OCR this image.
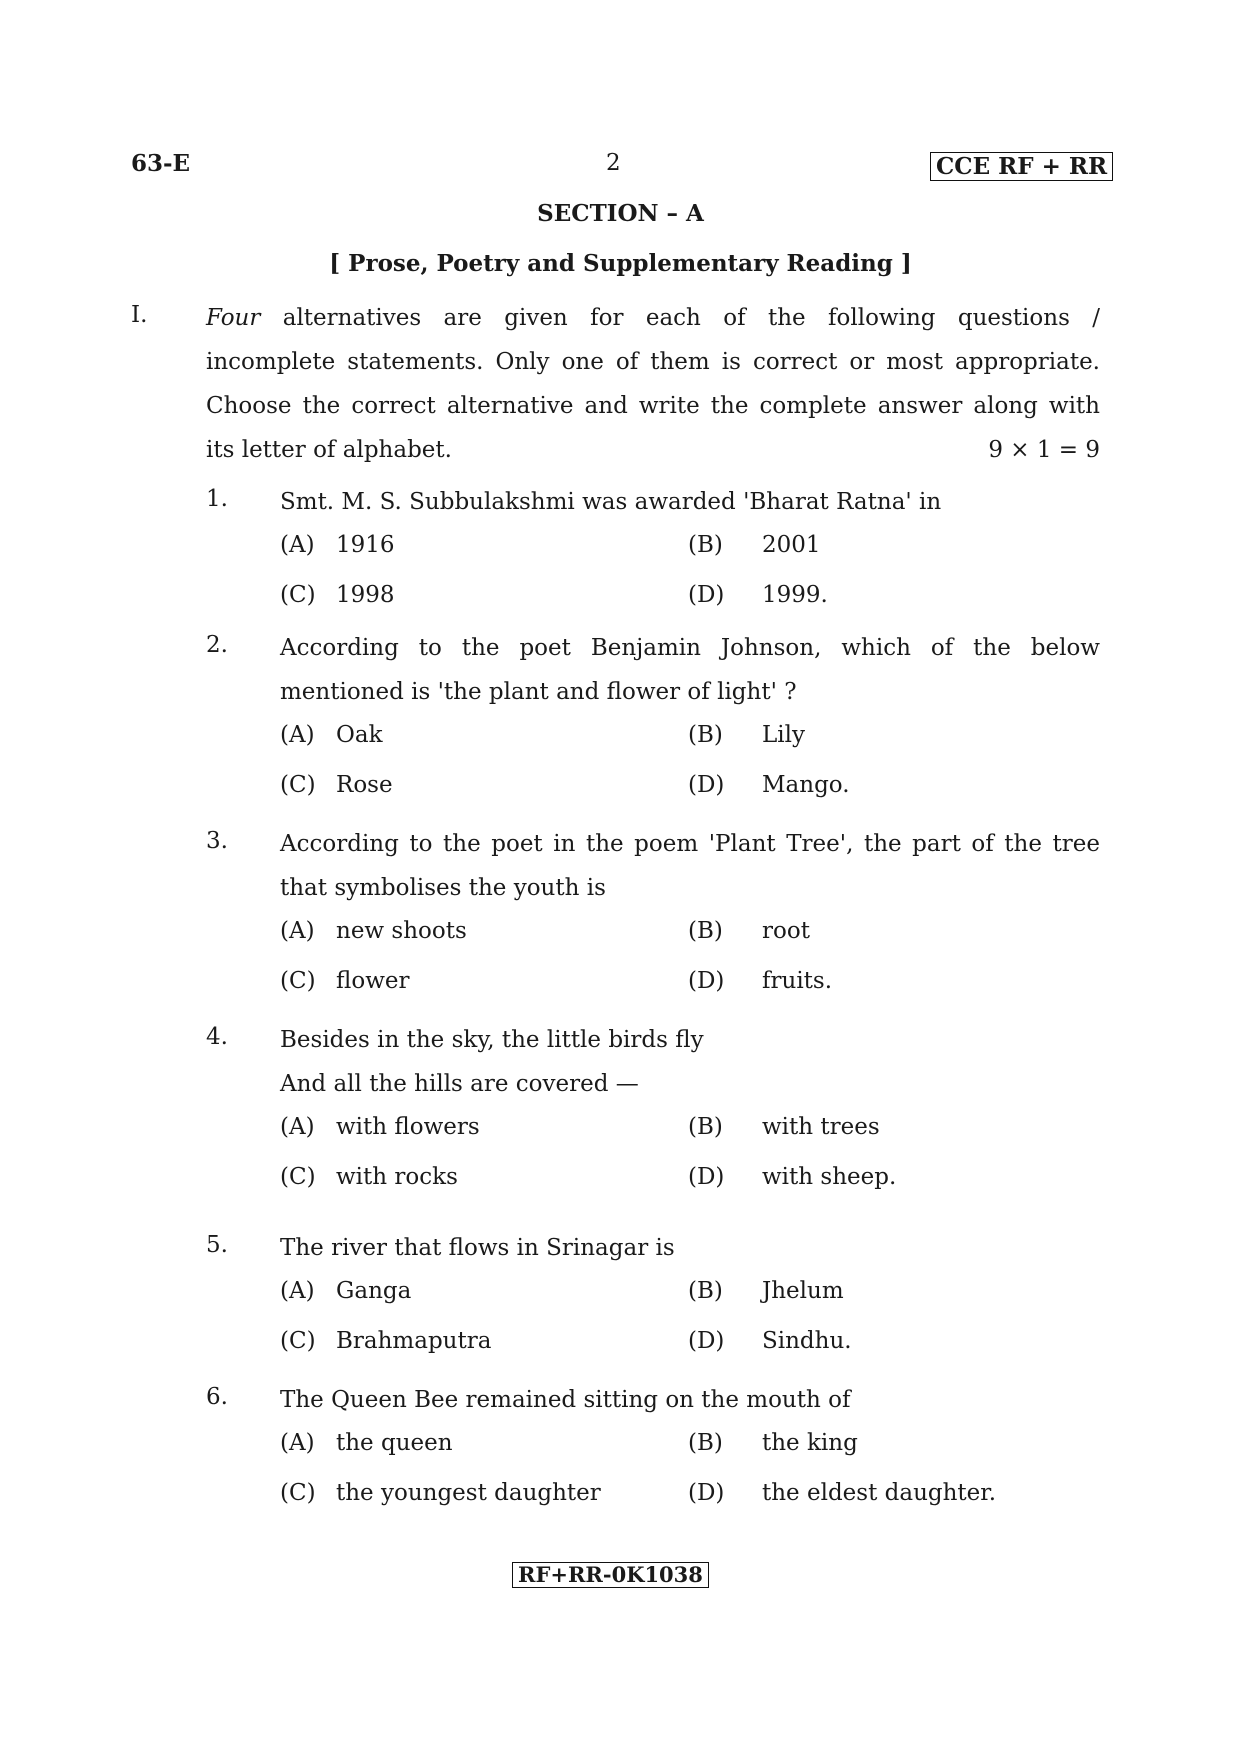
63-E	2	CCE RF + RR
SECTION – A
[ Prose, Poetry and Supplementary Reading ]
I.	Four alternatives are given for each of the following questions /
incomplete statements. Only one of them is correct or most appropriate.
Choose the correct alternative and write the complete answer along with
its letter of alphabet.	9 × 1 = 9
1. Smt. M. S. Subbulakshmi was awarded 'Bharat Ratna' in
(A) 1916	(B) 2001
(C) 1998	(D) 1999.
2. According to the poet Benjamin Johnson, which of the below
mentioned is 'the plant and flower of light' ?
(A) Oak	(B) Lily
(C) Rose	(D) Mango.
3. According to the poet in the poem 'Plant Tree', the part of the tree
that symbolises the youth is
(A) new shoots	(B) root
(C) flower	(D) fruits.
4. Besides in the sky, the little birds fly
And all the hills are covered —
(A) with flowers	(B) with trees
(C) with rocks	(D) with sheep.
5. The river that flows in Srinagar is
(A) Ganga	(B) Jhelum
(C) Brahmaputra	(D) Sindhu.
6. The Queen Bee remained sitting on the mouth of
(A) the queen	(B) the king
(C) the youngest daughter	(D) the eldest daughter.
RF+RR-0K1038
